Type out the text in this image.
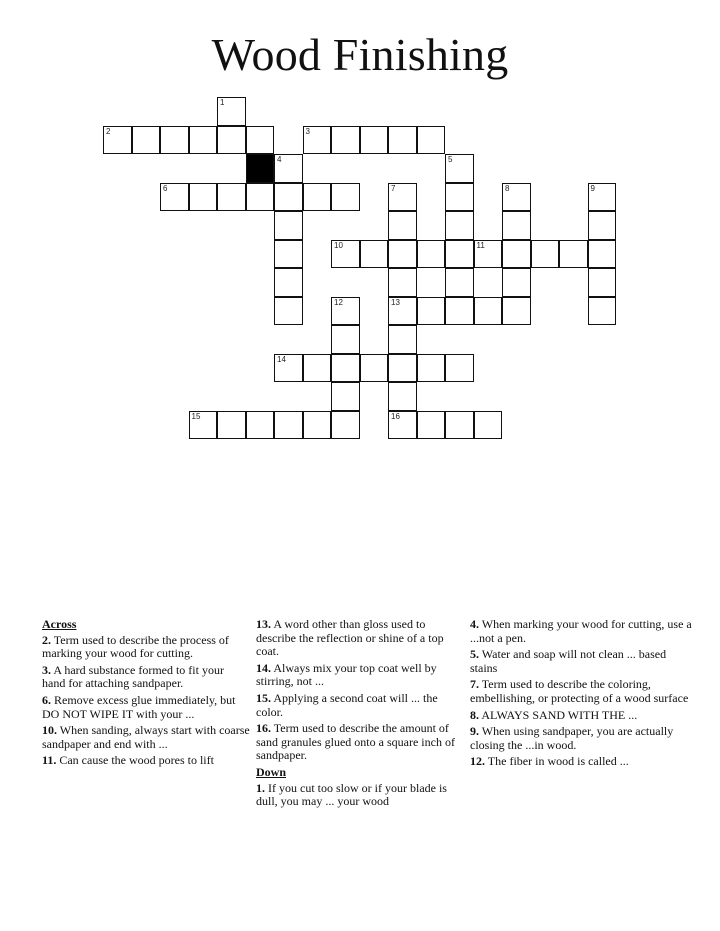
Wood Finishing
1
2	3
4	5
6	7	8	9
10	11
12	13
14
15	16
Across
2. Term used to describe the process of marking your wood for cutting.
3. A hard substance formed to fit your hand for attaching sandpaper.
6. Remove excess glue immediately, but DO NOT WIPE IT with your ...
10. When sanding, always start with coarse sandpaper and end with ...
11. Can cause the wood pores to lift
13. A word other than gloss used to describe the reflection or shine of a top coat.
14. Always mix your top coat well by stirring, not ...
15. Applying a second coat will ... the color.
16. Term used to describe the amount of sand granules glued onto a square inch of sandpaper.
Down
1. If you cut too slow or if your blade is dull, you may ... your wood
4. When marking your wood for cutting, use a ...not a pen.
5. Water and soap will not clean ... based stains
7. Term used to describe the coloring, embellishing, or protecting of a wood surface
8. ALWAYS SAND WITH THE ...
9. When using sandpaper, you are actually closing the ...in wood.
12. The fiber in wood is called ...
